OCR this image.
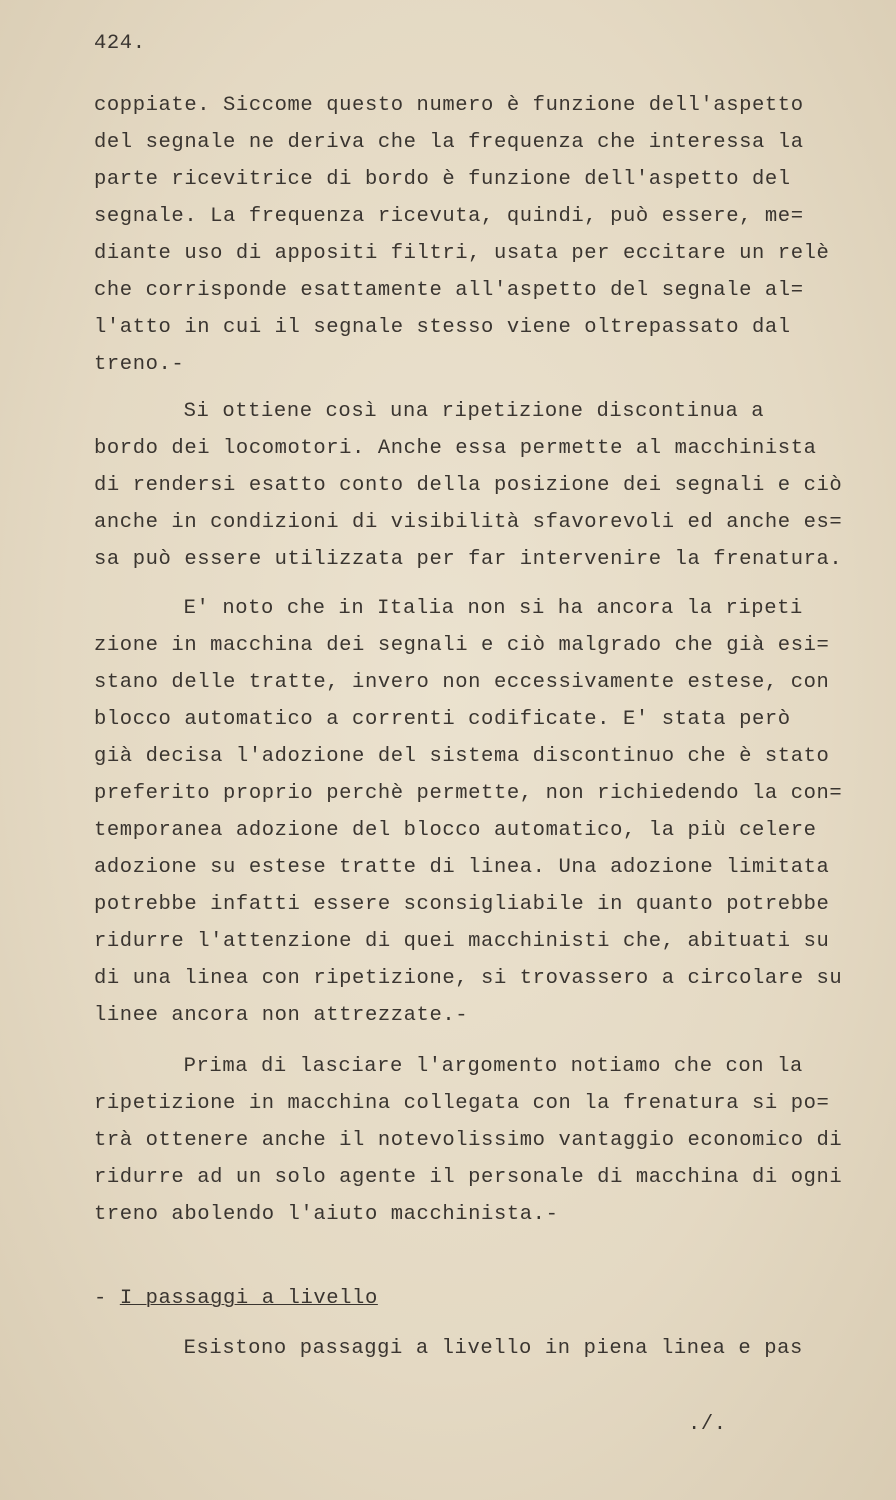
424.
coppiate. Siccome questo numero è funzione dell'aspetto
del segnale ne deriva che la frequenza che interessa la
parte ricevitrice di bordo è funzione dell'aspetto del
segnale. La frequenza ricevuta, quindi, può essere, me=
diante uso di appositi filtri, usata per eccitare un relè
che corrisponde esattamente all'aspetto del segnale al=
l'atto in cui il segnale stesso viene oltrepassato dal
treno.-
Si ottiene così una ripetizione discontinua a
bordo dei locomotori. Anche essa permette al macchinista
di rendersi esatto conto della posizione dei segnali e ciò
anche in condizioni di visibilità sfavorevoli ed anche es=
sa può essere utilizzata per far intervenire la frenatura.
E' noto che in Italia non si ha ancora la ripeti
zione in macchina dei segnali e ciò malgrado che già esi=
stano delle tratte, invero non eccessivamente estese, con
blocco automatico a correnti codificate. E' stata però
già decisa l'adozione del sistema discontinuo che è stato
preferito proprio perchè permette, non richiedendo la con=
temporanea adozione del blocco automatico, la più celere
adozione su estese tratte di linea. Una adozione limitata
potrebbe infatti essere sconsigliabile in quanto potrebbe
ridurre l'attenzione di quei macchinisti che, abituati su
di una linea con ripetizione, si trovassero a circolare su
linee ancora non attrezzate.-
Prima di lasciare l'argomento notiamo che con la
ripetizione in macchina collegata con la frenatura si po=
trà ottenere anche il notevolissimo vantaggio economico di
ridurre ad un solo agente il personale di macchina di ogni
treno abolendo l'aiuto macchinista.-
- I passaggi a livello
Esistono passaggi a livello in piena linea e pas
./.
